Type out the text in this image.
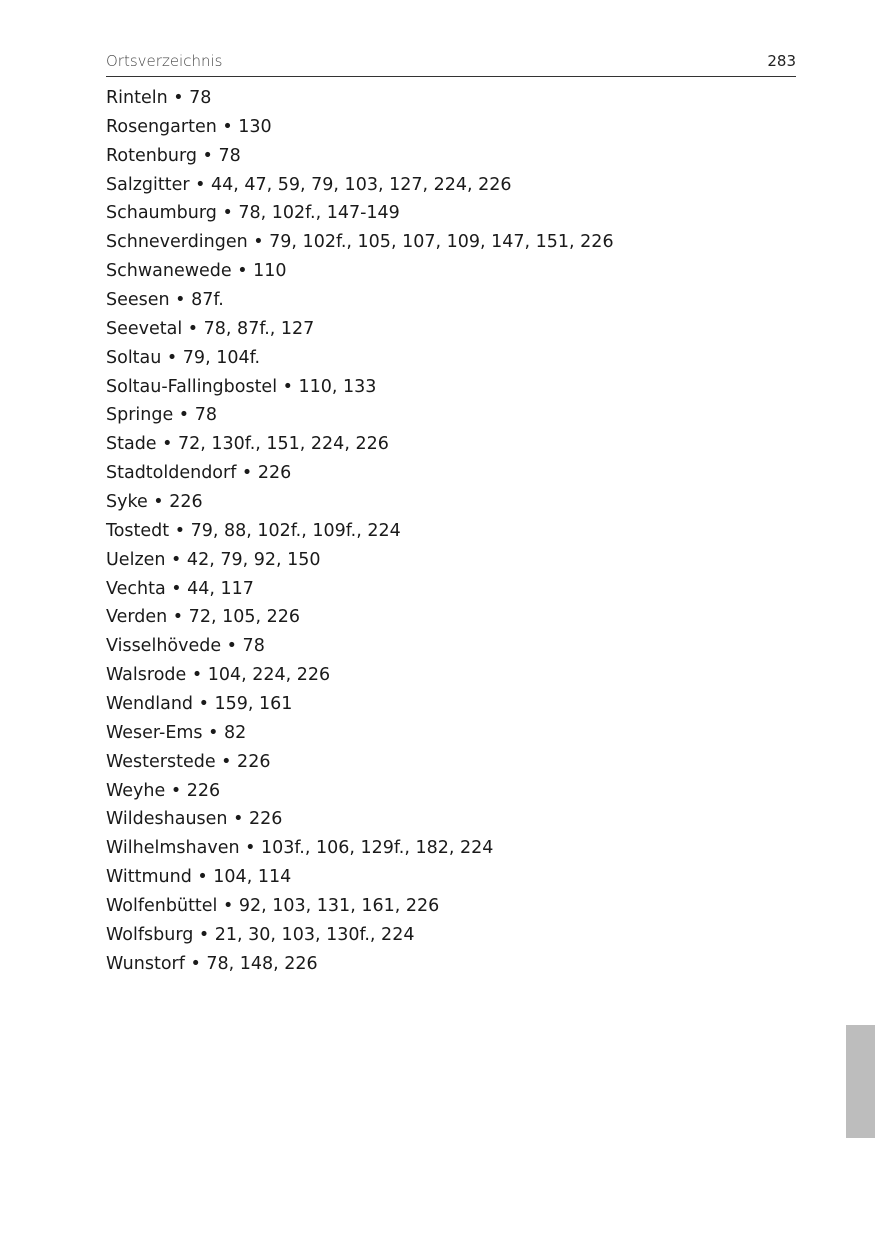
Ortsverzeichnis	283
Rinteln • 78
Rosengarten • 130
Rotenburg • 78
Salzgitter • 44, 47, 59, 79, 103, 127, 224, 226
Schaumburg • 78, 102f., 147-149
Schneverdingen • 79, 102f., 105, 107, 109, 147, 151, 226
Schwanewede • 110
Seesen • 87f.
Seevetal • 78, 87f., 127
Soltau • 79, 104f.
Soltau-Fallingbostel • 110, 133
Springe • 78
Stade • 72, 130f., 151, 224, 226
Stadtoldendorf • 226
Syke • 226
Tostedt • 79, 88, 102f., 109f., 224
Uelzen • 42, 79, 92, 150
Vechta • 44, 117
Verden • 72, 105, 226
Visselhövede • 78
Walsrode • 104, 224, 226
Wendland • 159, 161
Weser-Ems • 82
Westerstede • 226
Weyhe • 226
Wildeshausen • 226
Wilhelmshaven • 103f., 106, 129f., 182, 224
Wittmund • 104, 114
Wolfenbüttel • 92, 103, 131, 161, 226
Wolfsburg • 21, 30, 103, 130f., 224
Wunstorf • 78, 148, 226
